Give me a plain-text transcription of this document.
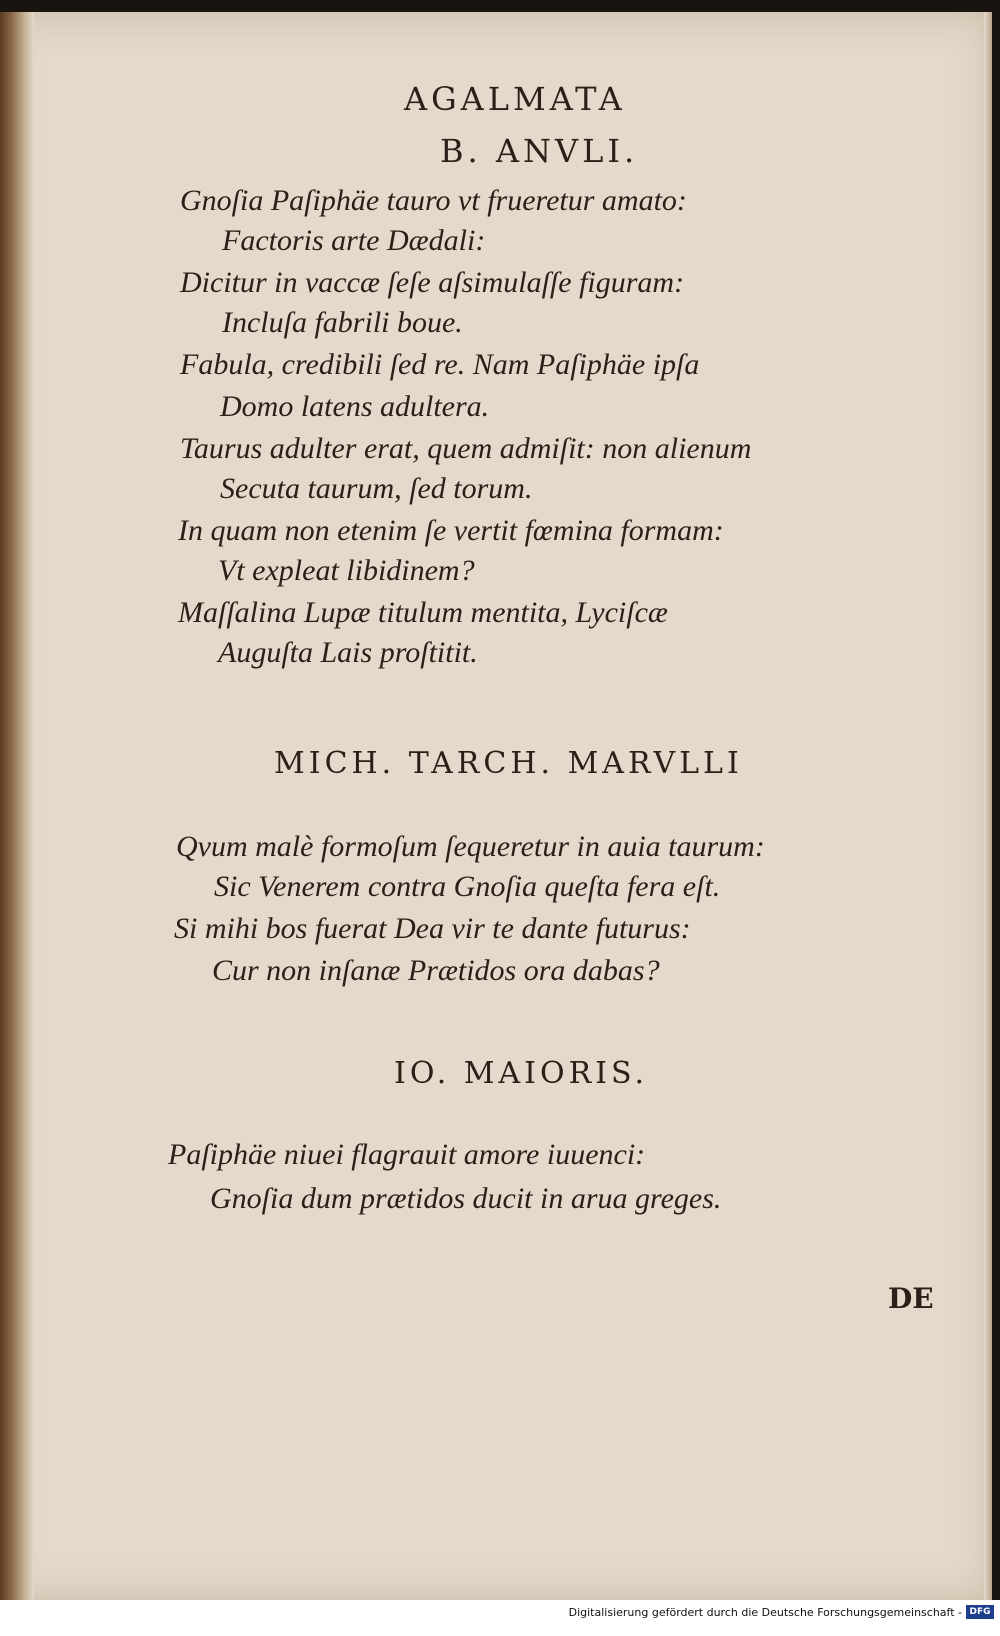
AGALMATA
B. ANVLI.
Gnoſia Paſiphäe tauro vt frueretur amato:
Factoris arte Dædali:
Dicitur in vaccæ ſeſe aſsimulaſſe figuram:
Incluſa fabrili boue.
Fabula, credibili ſed re. Nam Paſiphäe ipſa
Domo latens adultera.
Taurus adulter erat, quem admiſit: non alienum
Secuta taurum, ſed torum.
In quam non etenim ſe vertit fœmina formam:
Vt expleat libidinem?
Maſſalina Lupæ titulum mentita, Lyciſcæ
Auguſta Lais proſtitit.
MICH. TARCH. MARVLLI
Qvum malè formoſum ſequeretur in auia taurum:
Sic Venerem contra Gnoſia queſta fera eſt.
Si mihi bos fuerat Dea vir te dante futurus:
Cur non inſanæ Prætidos ora dabas?
IO. MAIORIS.
Paſiphäe niuei flagrauit amore iuuenci:
Gnoſia dum prætidos ducit in arua greges.
DE
Digitalisierung gefördert durch die Deutsche Forschungsgemeinschaft - DFG
